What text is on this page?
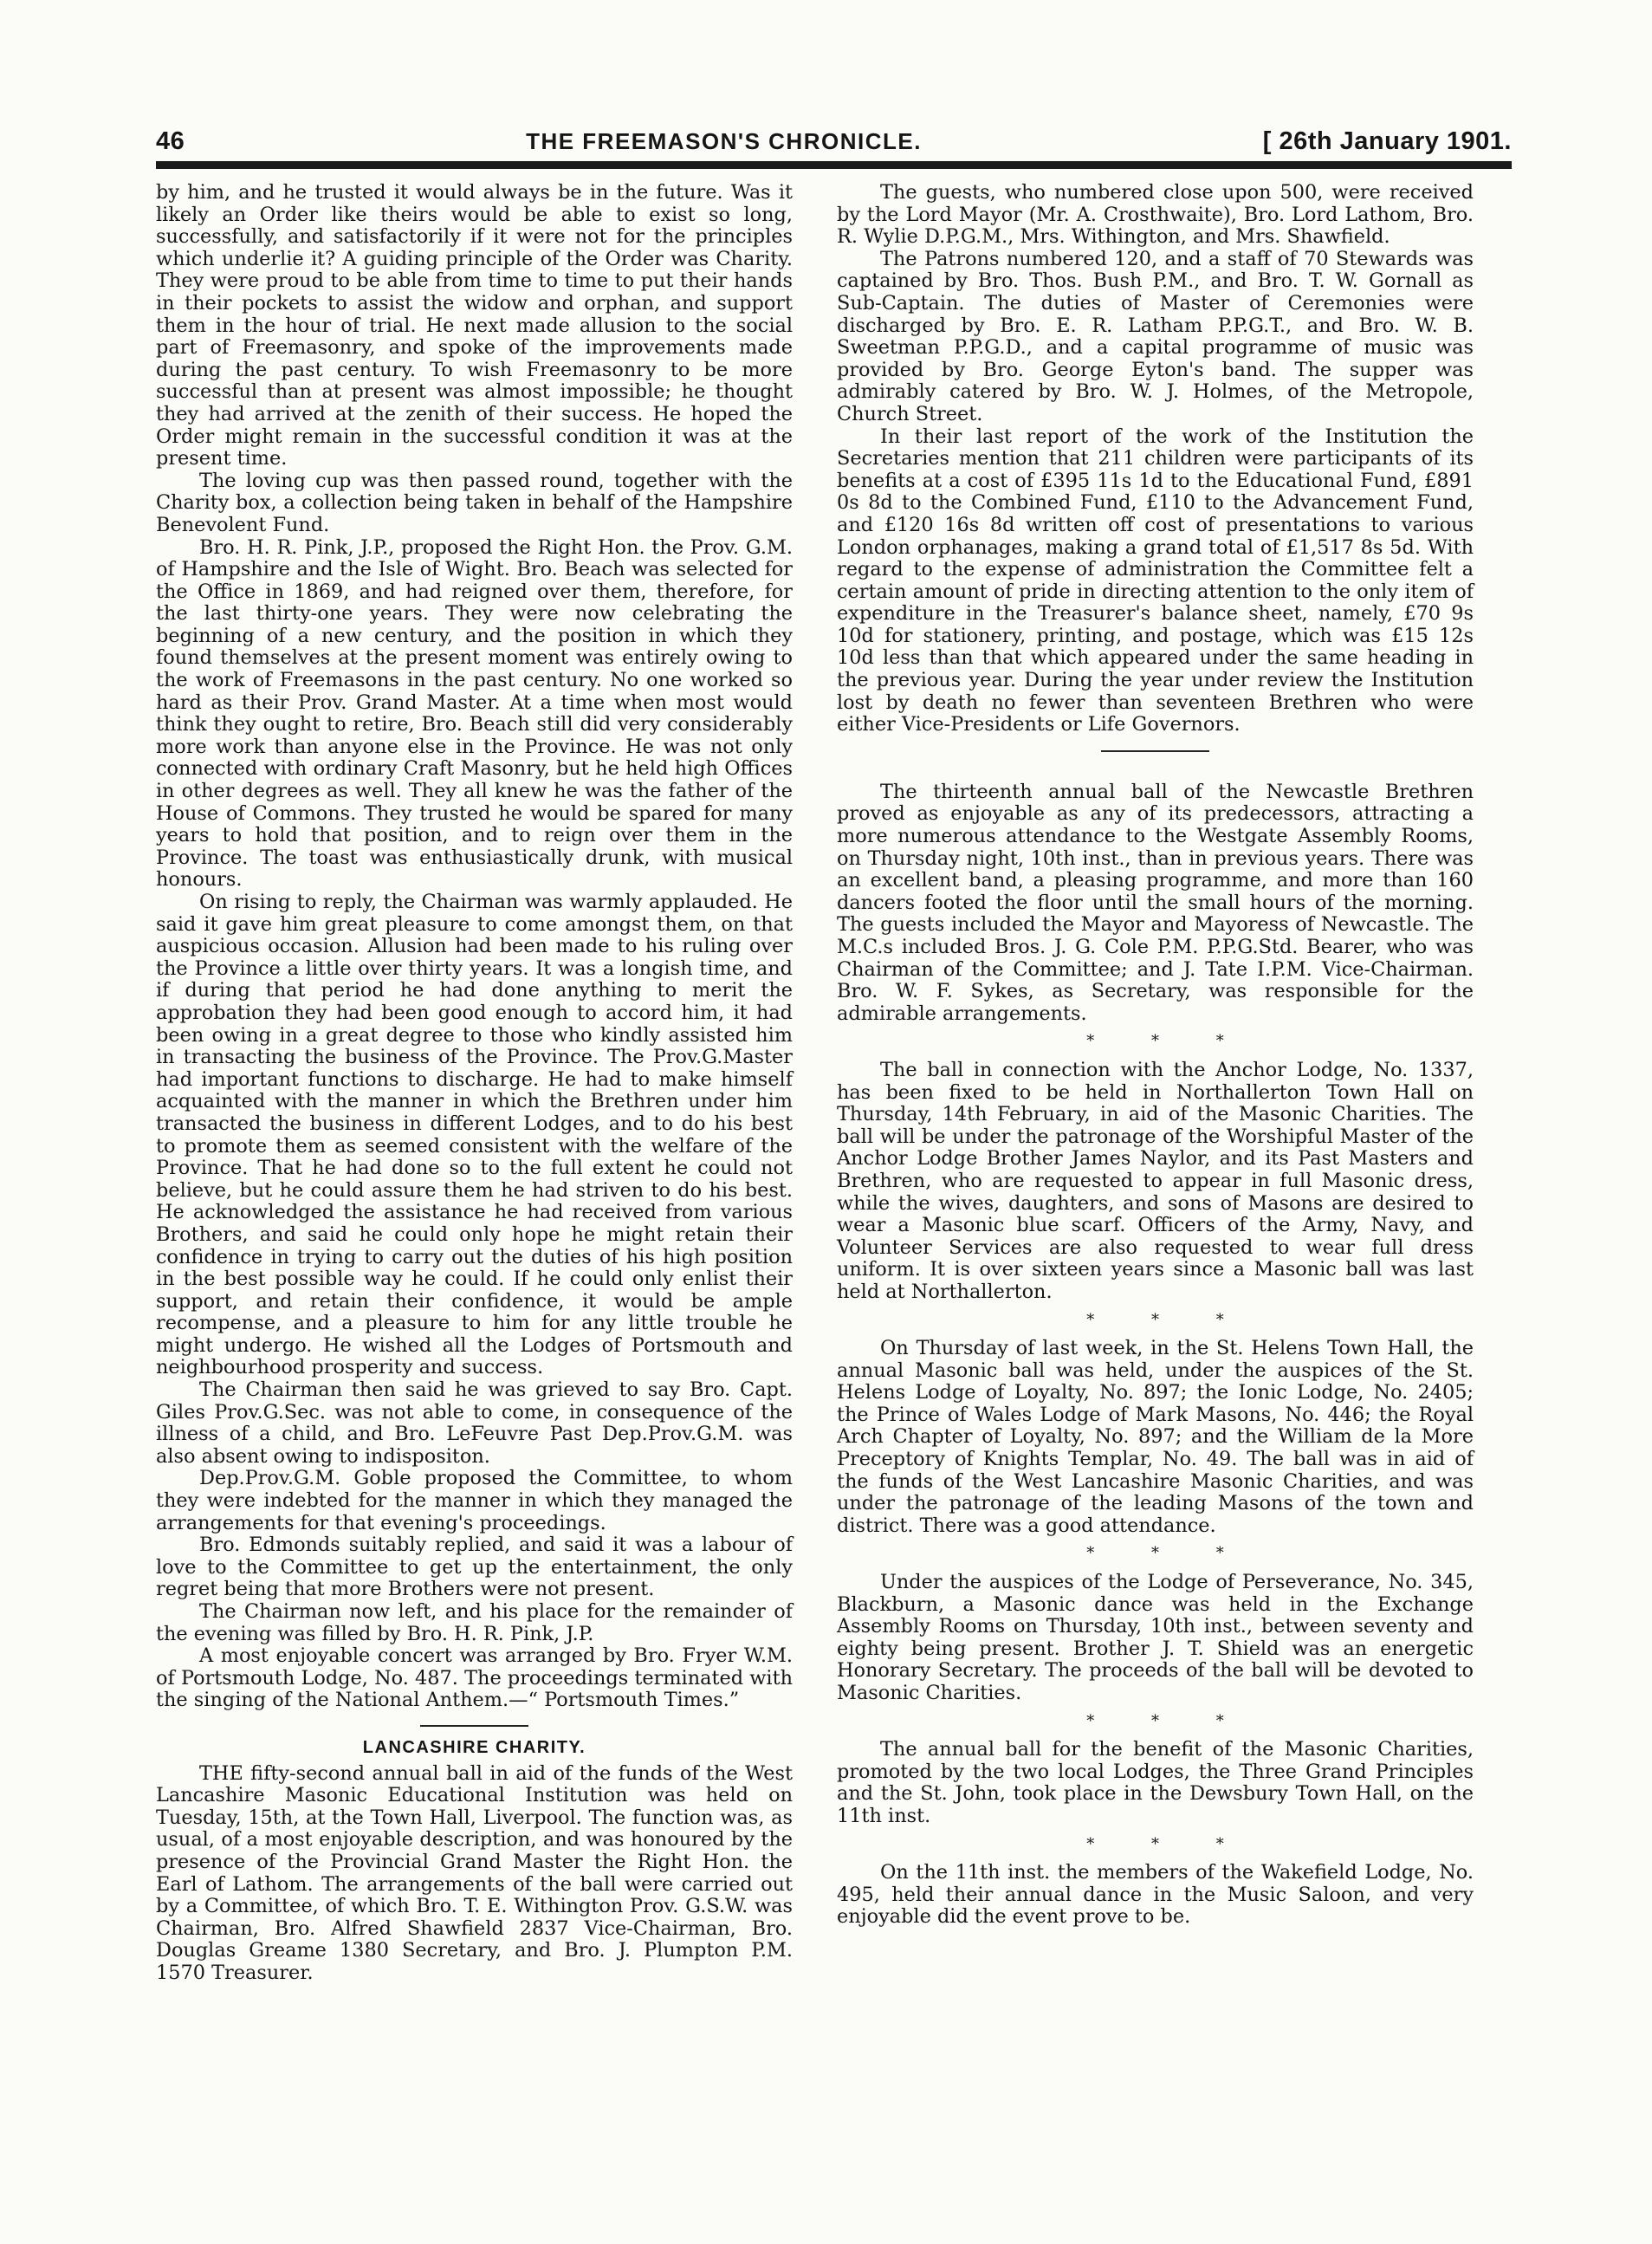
46	THE FREEMASON'S CHRONICLE.	[ 26th January 1901.

by him, and he trusted it would always be in the future. Was it likely an Order like theirs would be able to exist so long, successfully, and satisfactorily if it were not for the principles which underlie it? A guiding principle of the Order was Charity. They were proud to be able from time to time to put their hands in their pockets to assist the widow and orphan, and support them in the hour of trial. He next made allusion to the social part of Freemasonry, and spoke of the improvements made during the past century. To wish Freemasonry to be more successful than at present was almost impossible; he thought they had arrived at the zenith of their success. He hoped the Order might remain in the successful condition it was at the present time.

The loving cup was then passed round, together with the Charity box, a collection being taken in behalf of the Hampshire Benevolent Fund.

Bro. H. R. Pink, J.P., proposed the Right Hon. the Prov. G.M. of Hampshire and the Isle of Wight. Bro. Beach was selected for the Office in 1869, and had reigned over them, therefore, for the last thirty-one years. They were now celebrating the beginning of a new century, and the position in which they found themselves at the present moment was entirely owing to the work of Freemasons in the past century. No one worked so hard as their Prov. Grand Master. At a time when most would think they ought to retire, Bro. Beach still did very considerably more work than anyone else in the Province. He was not only connected with ordinary Craft Masonry, but he held high Offices in other degrees as well. They all knew he was the father of the House of Commons. They trusted he would be spared for many years to hold that position, and to reign over them in the Province. The toast was enthusiastically drunk, with musical honours.

On rising to reply, the Chairman was warmly applauded. He said it gave him great pleasure to come amongst them, on that auspicious occasion. Allusion had been made to his ruling over the Province a little over thirty years. It was a longish time, and if during that period he had done anything to merit the approbation they had been good enough to accord him, it had been owing in a great degree to those who kindly assisted him in transacting the business of the Province. The Prov.G.Master had important functions to discharge. He had to make himself acquainted with the manner in which the Brethren under him transacted the business in different Lodges, and to do his best to promote them as seemed consistent with the welfare of the Province. That he had done so to the full extent he could not believe, but he could assure them he had striven to do his best. He acknowledged the assistance he had received from various Brothers, and said he could only hope he might retain their confidence in trying to carry out the duties of his high position in the best possible way he could. If he could only enlist their support, and retain their confidence, it would be ample recompense, and a pleasure to him for any little trouble he might undergo. He wished all the Lodges of Portsmouth and neighbourhood prosperity and success.

The Chairman then said he was grieved to say Bro. Capt. Giles Prov.G.Sec. was not able to come, in consequence of the illness of a child, and Bro. LeFeuvre Past Dep.Prov.G.M. was also absent owing to indispositon.

Dep.Prov.G.M. Goble proposed the Committee, to whom they were indebted for the manner in which they managed the arrangements for that evening's proceedings.

Bro. Edmonds suitably replied, and said it was a labour of love to the Committee to get up the entertainment, the only regret being that more Brothers were not present.

The Chairman now left, and his place for the remainder of the evening was filled by Bro. H. R. Pink, J.P.

A most enjoyable concert was arranged by Bro. Fryer W.M. of Portsmouth Lodge, No. 487. The proceedings terminated with the singing of the National Anthem.—“ Portsmouth Times.”

LANCASHIRE CHARITY.

THE fifty-second annual ball in aid of the funds of the West Lancashire Masonic Educational Institution was held on Tuesday, 15th, at the Town Hall, Liverpool. The function was, as usual, of a most enjoyable description, and was honoured by the presence of the Provincial Grand Master the Right Hon. the Earl of Lathom. The arrangements of the ball were carried out by a Committee, of which Bro. T. E. Withington Prov. G.S.W. was Chairman, Bro. Alfred Shawfield 2837 Vice-Chairman, Bro. Douglas Greame 1380 Secretary, and Bro. J. Plumpton P.M. 1570 Treasurer.

The guests, who numbered close upon 500, were received by the Lord Mayor (Mr. A. Crosthwaite), Bro. Lord Lathom, Bro. R. Wylie D.P.G.M., Mrs. Withington, and Mrs. Shawfield.

The Patrons numbered 120, and a staff of 70 Stewards was captained by Bro. Thos. Bush P.M., and Bro. T. W. Gornall as Sub-Captain. The duties of Master of Ceremonies were discharged by Bro. E. R. Latham P.P.G.T., and Bro. W. B. Sweetman P.P.G.D., and a capital programme of music was provided by Bro. George Eyton's band. The supper was admirably catered by Bro. W. J. Holmes, of the Metropole, Church Street.

In their last report of the work of the Institution the Secretaries mention that 211 children were participants of its benefits at a cost of £395 11s 1d to the Educational Fund, £891 0s 8d to the Combined Fund, £110 to the Advancement Fund, and £120 16s 8d written off cost of presentations to various London orphanages, making a grand total of £1,517 8s 5d. With regard to the expense of administration the Committee felt a certain amount of pride in directing attention to the only item of expenditure in the Treasurer's balance sheet, namely, £70 9s 10d for stationery, printing, and postage, which was £15 12s 10d less than that which appeared under the same heading in the previous year. During the year under review the Institution lost by death no fewer than seventeen Brethren who were either Vice-Presidents or Life Governors.

The thirteenth annual ball of the Newcastle Brethren proved as enjoyable as any of its predecessors, attracting a more numerous attendance to the Westgate Assembly Rooms, on Thursday night, 10th inst., than in previous years. There was an excellent band, a pleasing programme, and more than 160 dancers footed the floor until the small hours of the morning. The guests included the Mayor and Mayoress of Newcastle. The M.C.s included Bros. J. G. Cole P.M. P.P.G.Std. Bearer, who was Chairman of the Committee; and J. Tate I.P.M. Vice-Chairman. Bro. W. F. Sykes, as Secretary, was responsible for the admirable arrangements.

* * *

The ball in connection with the Anchor Lodge, No. 1337, has been fixed to be held in Northallerton Town Hall on Thursday, 14th February, in aid of the Masonic Charities. The ball will be under the patronage of the Worshipful Master of the Anchor Lodge Brother James Naylor, and its Past Masters and Brethren, who are requested to appear in full Masonic dress, while the wives, daughters, and sons of Masons are desired to wear a Masonic blue scarf. Officers of the Army, Navy, and Volunteer Services are also requested to wear full dress uniform. It is over sixteen years since a Masonic ball was last held at Northallerton.

* * *

On Thursday of last week, in the St. Helens Town Hall, the annual Masonic ball was held, under the auspices of the St. Helens Lodge of Loyalty, No. 897; the Ionic Lodge, No. 2405; the Prince of Wales Lodge of Mark Masons, No. 446; the Royal Arch Chapter of Loyalty, No. 897; and the William de la More Preceptory of Knights Templar, No. 49. The ball was in aid of the funds of the West Lancashire Masonic Charities, and was under the patronage of the leading Masons of the town and district. There was a good attendance.

* * *

Under the auspices of the Lodge of Perseverance, No. 345, Blackburn, a Masonic dance was held in the Exchange Assembly Rooms on Thursday, 10th inst., between seventy and eighty being present. Brother J. T. Shield was an energetic Honorary Secretary. The proceeds of the ball will be devoted to Masonic Charities.

* * *

The annual ball for the benefit of the Masonic Charities, promoted by the two local Lodges, the Three Grand Principles and the St. John, took place in the Dewsbury Town Hall, on the 11th inst.

* * *

On the 11th inst. the members of the Wakefield Lodge, No. 495, held their annual dance in the Music Saloon, and very enjoyable did the event prove to be.
